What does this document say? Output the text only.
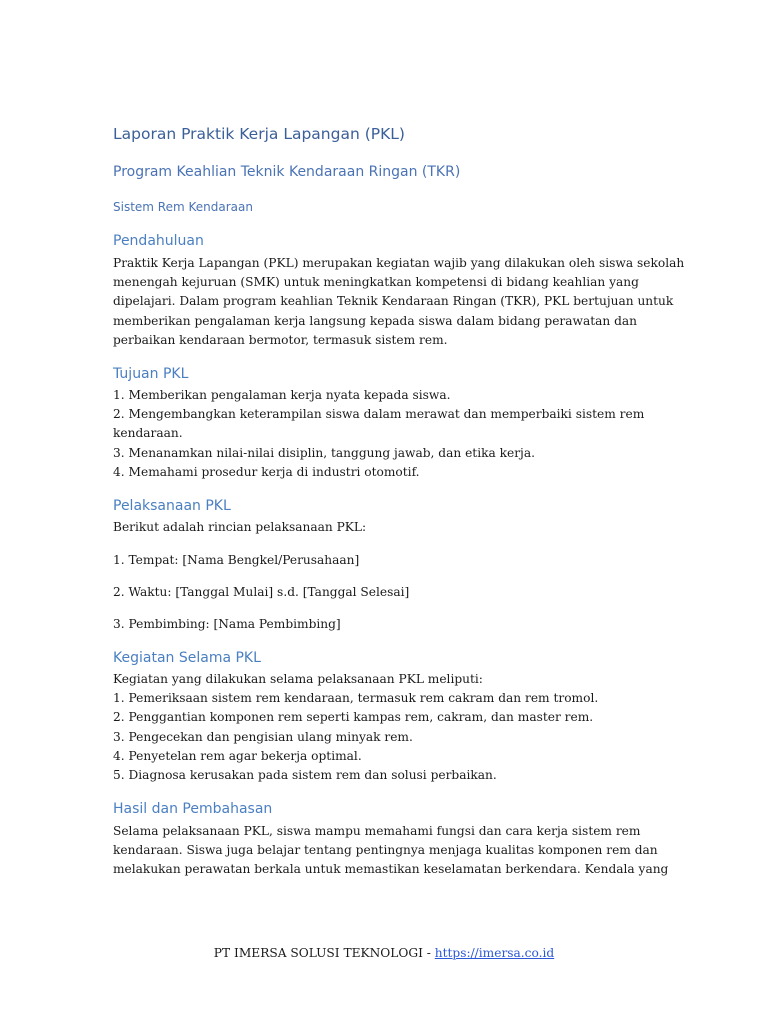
Laporan Praktik Kerja Lapangan (PKL)
Program Keahlian Teknik Kendaraan Ringan (TKR)
Sistem Rem Kendaraan
Pendahuluan
Praktik Kerja Lapangan (PKL) merupakan kegiatan wajib yang dilakukan oleh siswa sekolah
menengah kejuruan (SMK) untuk meningkatkan kompetensi di bidang keahlian yang
dipelajari. Dalam program keahlian Teknik Kendaraan Ringan (TKR), PKL bertujuan untuk
memberikan pengalaman kerja langsung kepada siswa dalam bidang perawatan dan
perbaikan kendaraan bermotor, termasuk sistem rem.
Tujuan PKL
1. Memberikan pengalaman kerja nyata kepada siswa.
2. Mengembangkan keterampilan siswa dalam merawat dan memperbaiki sistem rem
kendaraan.
3. Menanamkan nilai-nilai disiplin, tanggung jawab, dan etika kerja.
4. Memahami prosedur kerja di industri otomotif.
Pelaksanaan PKL
Berikut adalah rincian pelaksanaan PKL:
1. Tempat: [Nama Bengkel/Perusahaan]
2. Waktu: [Tanggal Mulai] s.d. [Tanggal Selesai]
3. Pembimbing: [Nama Pembimbing]
Kegiatan Selama PKL
Kegiatan yang dilakukan selama pelaksanaan PKL meliputi:
1. Pemeriksaan sistem rem kendaraan, termasuk rem cakram dan rem tromol.
2. Penggantian komponen rem seperti kampas rem, cakram, dan master rem.
3. Pengecekan dan pengisian ulang minyak rem.
4. Penyetelan rem agar bekerja optimal.
5. Diagnosa kerusakan pada sistem rem dan solusi perbaikan.
Hasil dan Pembahasan
Selama pelaksanaan PKL, siswa mampu memahami fungsi dan cara kerja sistem rem
kendaraan. Siswa juga belajar tentang pentingnya menjaga kualitas komponen rem dan
melakukan perawatan berkala untuk memastikan keselamatan berkendara. Kendala yang
PT IMERSA SOLUSI TEKNOLOGI - https://imersa.co.id
